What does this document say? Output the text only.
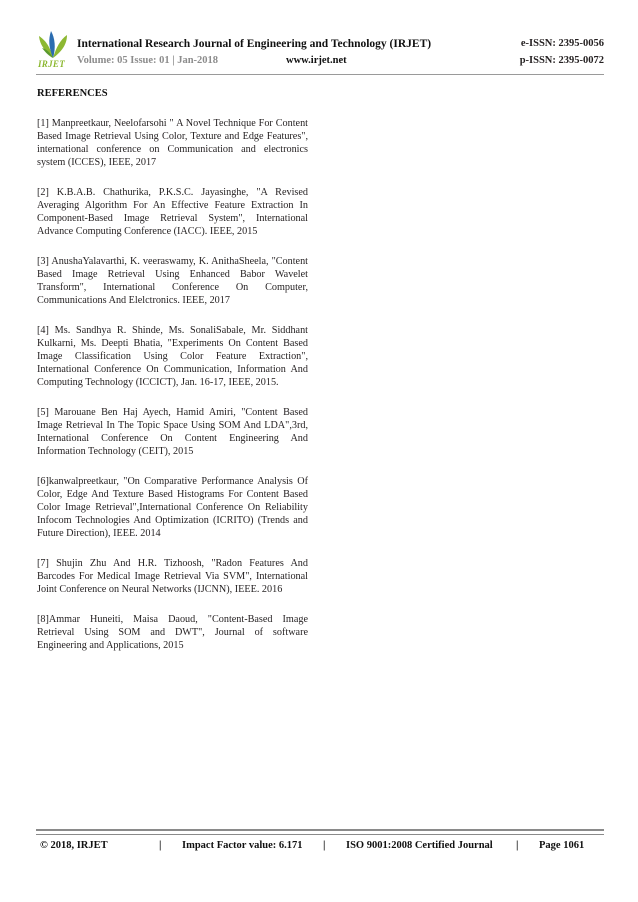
IRJET
International Research Journal of Engineering and Technology (IRJET)	e-ISSN: 2395-0056
Volume: 05 Issue: 01 | Jan-2018	www.irjet.net	p-ISSN: 2395-0072
REFERENCES

[1] Manpreetkaur, Neelofarsohi " A Novel Technique For Content Based Image Retrieval Using Color, Texture and Edge Features", international conference on Communication and electronics system (ICCES), IEEE, 2017

[2] K.B.A.B. Chathurika, P.K.S.C. Jayasinghe, "A Revised Averaging Algorithm For An Effective Feature Extraction In Component-Based Image Retrieval System", International Advance Computing Conference (IACC). IEEE, 2015

[3] AnushaYalavarthi, K. veeraswamy, K. AnithaSheela, "Content Based Image Retrieval Using Enhanced Babor Wavelet Transform", International Conference On Computer, Communications And Elelctronics. IEEE, 2017

[4] Ms. Sandhya R. Shinde, Ms. SonaliSabale, Mr. Siddhant Kulkarni, Ms. Deepti Bhatia, "Experiments On Content Based Image Classification Using Color Feature Extraction", International Conference On Communication, Information And Computing Technology (ICCICT), Jan. 16-17, IEEE, 2015.

[5] Marouane Ben Haj Ayech, Hamid Amiri, "Content Based Image Retrieval In The Topic Space Using SOM And LDA",3rd, International Conference On Content Engineering And Information Technology (CEIT), 2015

[6]kanwalpreetkaur, "On Comparative Performance Analysis Of Color, Edge And Texture Based Histograms For Content Based Color Image Retrieval",International Conference On Reliability Infocom Technologies And Optimization (ICRITO) (Trends and Future Direction), IEEE. 2014

[7] Shujin Zhu And H.R. Tizhoosh, "Radon Features And Barcodes For Medical Image Retrieval Via SVM", International Joint Conference on Neural Networks (IJCNN), IEEE. 2016

[8]Ammar Huneiti, Maisa Daoud, "Content-Based Image Retrieval Using SOM and DWT", Journal of software Engineering and Applications, 2015

© 2018, IRJET	| Impact Factor value: 6.171 | ISO 9001:2008 Certified Journal | Page 1061
